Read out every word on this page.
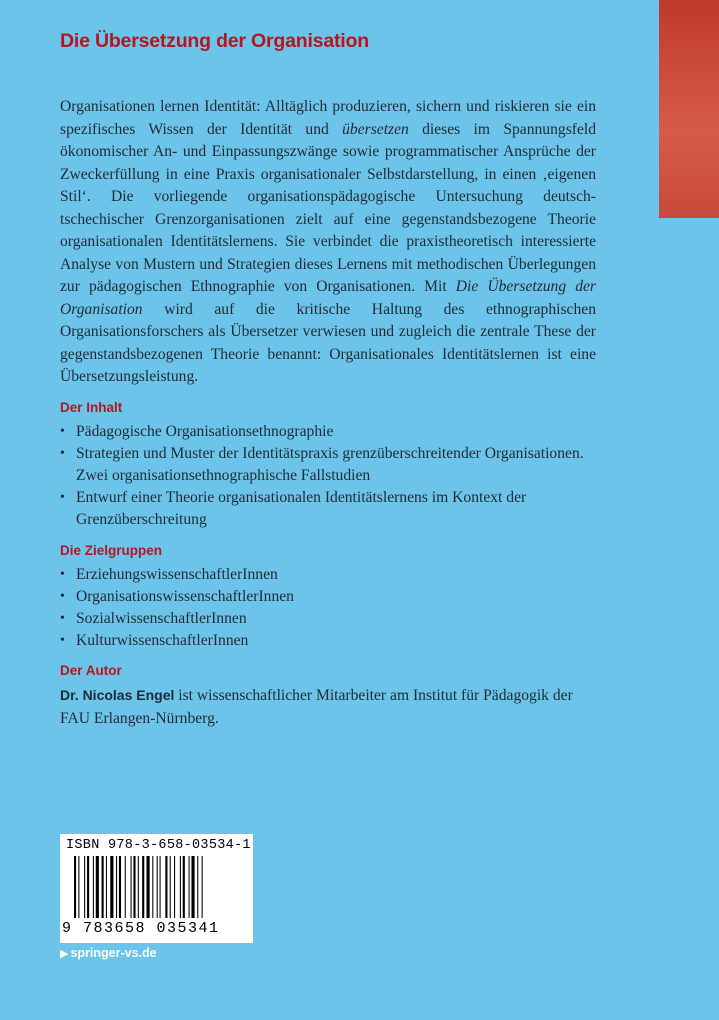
Die Übersetzung der Organisation
Organisationen lernen Identität: Alltäglich produzieren, sichern und riskieren sie ein spezifisches Wissen der Identität und übersetzen dieses im Spannungsfeld ökonomischer An- und Einpassungszwänge sowie programmatischer Ansprüche der Zweckerfüllung in eine Praxis organisationaler Selbstdarstellung, in einen ‚eigenen Stil‘. Die vorliegende organisationspädagogische Untersuchung deutsch-tschechischer Grenzorganisationen zielt auf eine gegenstandsbezogene Theorie organisationalen Identitätslernens. Sie verbindet die praxistheoretisch interessierte Analyse von Mustern und Strategien dieses Lernens mit methodischen Überlegungen zur pädagogischen Ethnographie von Organisationen. Mit Die Übersetzung der Organisation wird auf die kritische Haltung des ethnographischen Organisationsforschers als Übersetzer verwiesen und zugleich die zentrale These der gegenstandsbezogenen Theorie benannt: Organisationales Identitätslernen ist eine Übersetzungsleistung.
Der Inhalt
• Pädagogische Organisationsethnographie
• Strategien und Muster der Identitätspraxis grenzüberschreitender Organisationen. Zwei organisationsethnographische Fallstudien
• Entwurf einer Theorie organisationalen Identitätslernens im Kontext der Grenzüberschreitung
Die Zielgruppen
• ErziehungswissenschaftlerInnen
• OrganisationswissenschaftlerInnen
• SozialwissenschaftlerInnen
• KulturwissenschaftlerInnen
Der Autor
Dr. Nicolas Engel ist wissenschaftlicher Mitarbeiter am Institut für Pädagogik der FAU Erlangen-Nürnberg.
ISBN 978-3-658-03534-1
9 783658 035341
▶ springer-vs.de
